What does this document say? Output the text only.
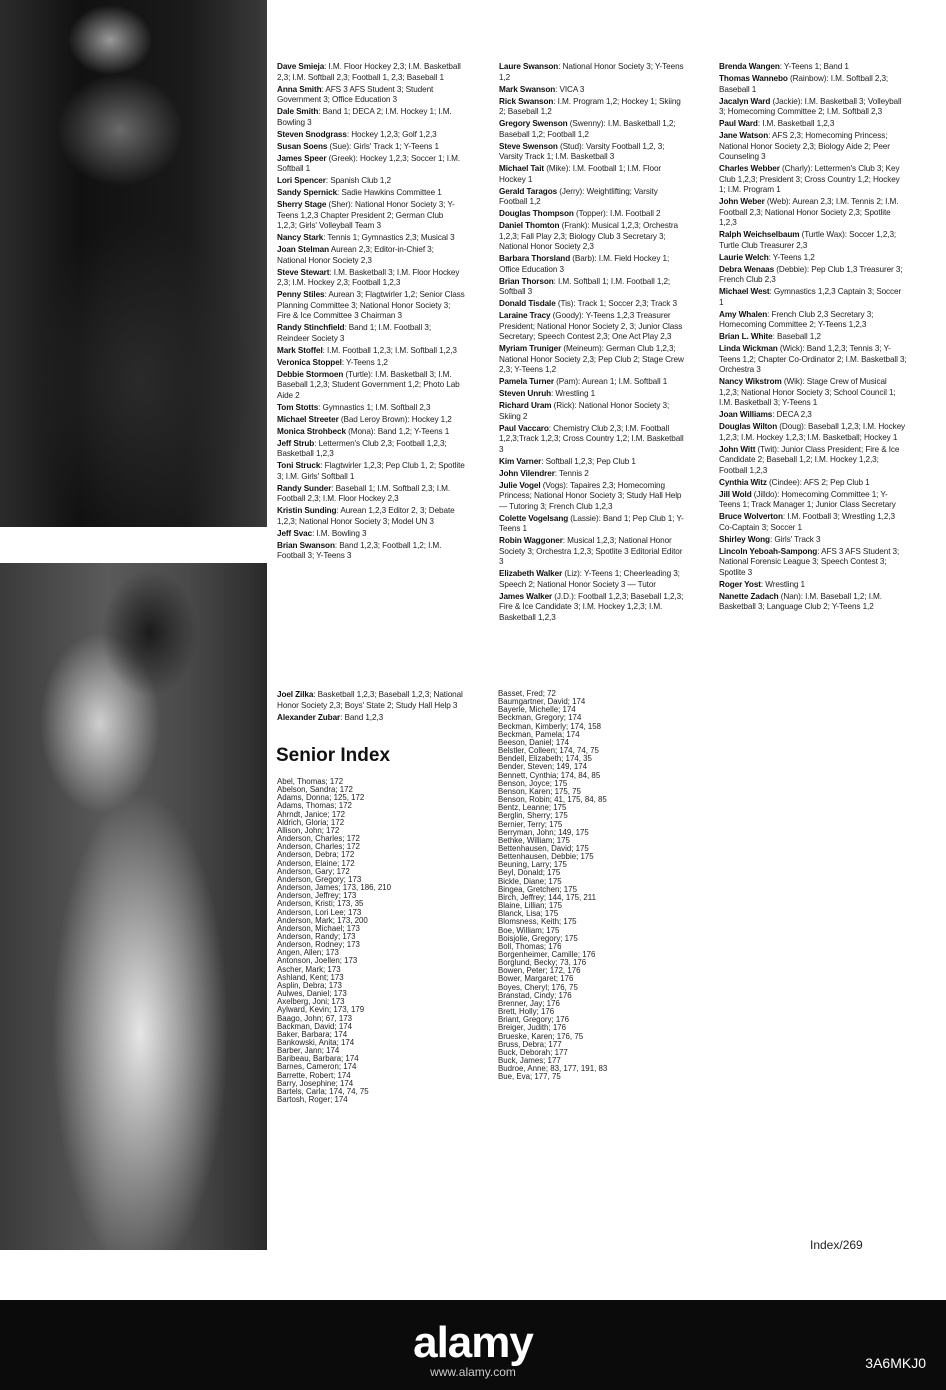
Dave Smieja: I.M. Floor Hockey 2,3; I.M. Basketball 2,3; I.M. Softball 2,3; Football 1, 2,3; Baseball 1

Anna Smith: AFS 3 AFS Student 3; Student Government 3; Office Education 3

Dale Smith: Band 1; DECA 2; I.M. Hockey 1; I.M. Bowling 3

Steven Snodgrass: Hockey 1,2,3; Golf 1,2,3

Susan Soens (Sue): Girls' Track 1; Y-Teens 1

James Speer (Greek): Hockey 1,2,3; Soccer 1; I.M. Softball 1

Lori Spencer: Spanish Club 1,2

Sandy Spernick: Sadie Hawkins Committee 1

Sherry Stage (Sher): National Honor Society 3; Y-Teens 1,2,3 Chapter President 2; German Club 1,2,3; Girls' Volleyball Team 3

Nancy Stark: Tennis 1; Gymnastics 2,3; Musical 3

Joan Stelman Aurean 2,3; Editor-in-Chief 3; National Honor Society 2,3

Steve Stewart: I.M. Basketball 3; I.M. Floor Hockey 2,3; I.M. Hockey 2,3; Football 1,2,3

Penny Stiles: Aurean 3; Flagtwirler 1,2; Senior Class Planning Committee 3; National Honor Society 3; Fire & Ice Committee 3 Chairman 3

Randy Stinchfield: Band 1; I.M. Football 3; Reindeer Society 3

Mark Stoffel: I.M. Football 1,2,3; I.M. Softball 1,2,3

Veronica Stoppel: Y-Teens 1,2

Debbie Stormoen (Turtle): I.M. Basketball 3; I.M. Baseball 1,2,3; Student Government 1,2; Photo Lab Aide 2

Tom Stotts: Gymnastics 1; I.M. Softball 2,3

Michael Streeter (Bad Leroy Brown): Hockey 1,2

Monica Strohbeck (Mona): Band 1,2; Y-Teens 1

Jeff Strub: Lettermen's Club 2,3; Football 1,2,3; Basketball 1,2,3

Toni Struck: Flagtwirler 1,2,3; Pep Club 1, 2; Spotlite 3; I.M. Girls' Softball 1

Randy Sunder: Baseball 1; I.M. Softball 2,3; I.M. Football 2,3; I.M. Floor Hockey 2,3

Kristin Sunding: Aurean 1,2,3 Editor 2, 3; Debate 1,2,3; National Honor Society 3; Model UN 3

Jeff Svac: I.M. Bowling 3

Brian Swanson: Band 1,2,3; Football 1,2; I.M. Football 3; Y-Teens 3

Laure Swanson: National Honor Society 3; Y-Teens 1,2

Mark Swanson: VICA 3

Rick Swanson: I.M. Program 1,2; Hockey 1; Skiing 2; Baseball 1,2

Gregory Swenson (Swenny): I.M. Basketball 1,2; Baseball 1,2; Football 1,2

Steve Swenson (Stud): Varsity Football 1,2, 3; Varsity Track 1; I.M. Basketball 3

Michael Tait (Mike): I.M. Football 1; I.M. Floor Hockey 1

Gerald Taragos (Jerry): Weightlifting; Varsity Football 1,2

Douglas Thompson (Topper): I.M. Football 2

Daniel Thomton (Frank): Musical 1,2,3; Orchestra 1,2,3; Fall Play 2,3; Biology Club 3 Secretary 3; National Honor Society 2,3

Barbara Thorsland (Barb): I.M. Field Hockey 1; Office Education 3

Brian Thorson: I.M. Softball 1; I.M. Football 1,2; Softball 3

Donald Tisdale (Tis): Track 1; Soccer 2,3; Track 3

Laraine Tracy (Goody): Y-Teens 1,2,3 Treasurer President; National Honor Society 2, 3; Junior Class Secretary; Speech Contest 2,3; One Act Play 2,3

Myriam Truniger (Meineum): German Club 1,2,3; National Honor Society 2,3; Pep Club 2; Stage Crew 2,3; Y-Teens 1,2

Pamela Turner (Pam): Aurean 1; I.M. Softball 1

Steven Unruh: Wrestling 1

Richard Uram (Rick): National Honor Society 3; Skiing 2

Paul Vaccaro: Chemistry Club 2,3; I.M. Football 1,2,3;Track 1,2,3; Cross Country 1,2; I.M. Basketball 3

Kim Varner: Softball 1,2,3; Pep Club 1

John Vilendrer: Tennis 2

Julie Vogel (Vogs): Tapaires 2,3; Homecoming Princess; National Honor Society 3; Study Hall Help — Tutoring 3; French Club 1,2,3

Colette Vogelsang (Lassie): Band 1; Pep Club 1; Y-Teens 1

Robin Waggoner: Musical 1,2,3; National Honor Society 3; Orchestra 1,2,3; Spotlite 3 Editorial Editor 3

Elizabeth Walker (Liz): Y-Teens 1; Cheerleading 3; Speech 2; National Honor Society 3 — Tutor

James Walker (J.D.): Football 1,2,3; Baseball 1,2,3; Fire & Ice Candidate 3; I.M. Hockey 1,2,3; I.M. Basketball 1,2,3

Brenda Wangen: Y-Teens 1; Band 1

Thomas Wannebo (Rainbow): I.M. Softball 2,3; Baseball 1

Jacalyn Ward (Jackie): I.M. Basketball 3; Volleyball 3; Homecoming Committee 2; I.M. Softball 2,3

Paul Ward: I.M. Basketball 1,2,3

Jane Watson: AFS 2,3; Homecoming Princess; National Honor Society 2,3; Biology Aide 2; Peer Counseling 3

Charles Webber (Charly): Lettermen's Club 3; Key Club 1,2,3; President 3; Cross Country 1,2; Hockey 1; I.M. Program 1

John Weber (Web): Aurean 2,3; I.M. Tennis 2; I.M. Football 2,3; National Honor Society 2,3; Spotlite 1,2,3

Ralph Weichselbaum (Turtle Wax): Soccer 1,2,3; Turtle Club Treasurer 2,3

Laurie Welch: Y-Teens 1,2

Debra Wenaas (Debbie): Pep Club 1,3 Treasurer 3; French Club 2,3

Michael West: Gymnastics 1,2,3 Captain 3; Soccer 1

Amy Whalen: French Club 2,3 Secretary 3; Homecoming Committee 2; Y-Teens 1,2,3

Brian L. White: Baseball 1,2

Linda Wickman (Wick): Band 1,2,3; Tennis 3; Y-Teens 1,2; Chapter Co-Ordinator 2; I.M. Basketball 3; Orchestra 3

Nancy Wikstrom (Wik): Stage Crew of Musical 1,2,3; National Honor Society 3; School Council 1; I.M. Basketball 3; Y-Teens 1

Joan Williams: DECA 2,3

Douglas Wilton (Doug): Baseball 1,2,3; I.M. Hockey 1,2,3; I.M. Hockey 1,2,3; I.M. Basketball; Hockey 1

John Witt (Twit): Junior Class President; Fire & Ice Candidate 2; Baseball 1,2; I.M. Hockey 1,2,3; Football 1,2,3

Cynthia Witz (Cindee): AFS 2; Pep Club 1

Jill Wold (Jilldo): Homecoming Committee 1; Y-Teens 1; Track Manager 1; Junior Class Secretary

Bruce Wolverton: I.M. Football 3; Wrestling 1,2,3 Co-Captain 3; Soccer 1

Shirley Wong: Girls' Track 3

Lincoln Yeboah-Sampong: AFS 3 AFS Student 3; National Forensic League 3; Speech Contest 3; Spotlite 3

Roger Yost: Wrestling 1

Nanette Zadach (Nan): I.M. Baseball 1,2; I.M. Basketball 3; Language Club 2; Y-Teens 1,2

Joel Zilka: Basketball 1,2,3; Baseball 1,2,3; National Honor Society 2,3; Boys' State 2; Study Hall Help 3

Alexander Zubar: Band 1,2,3

Senior Index
Abel, Thomas; 172
Abelson, Sandra; 172
Adams, Donna; 125, 172
Adams, Thomas; 172
Ahrndt, Janice; 172
Aldrich, Gloria; 172
Allison, John; 172
Anderson, Charles; 172
Anderson, Charles; 172
Anderson, Debra; 172
Anderson, Elaine; 172
Anderson, Gary; 172
Anderson, Gregory; 173
Anderson, James; 173, 186, 210
Anderson, Jeffrey; 173
Anderson, Kristi; 173, 35
Anderson, Lori Lee; 173
Anderson, Mark; 173, 200
Anderson, Michael; 173
Anderson, Randy; 173
Anderson, Rodney; 173
Angen, Allen; 173
Antonson, Joellen; 173
Ascher, Mark; 173
Ashland, Kent; 173
Asplin, Debra; 173
Aulwes, Daniel; 173
Axelberg, Joni; 173
Aylward, Kevin; 173, 179
Baago, John; 67, 173
Backman, David; 174
Baker, Barbara; 174
Bankowski, Anita; 174
Barber, Jann; 174
Baribeau, Barbara; 174
Barnes, Cameron; 174
Barrette, Robert; 174
Barry, Josephine; 174
Bartels, Carla; 174, 74, 75
Bartosh, Roger; 174
Basset, Fred; 72
Baumgartner, David; 174
Bayerle, Michelle; 174
Beckman, Gregory; 174
Beckman, Kimberly; 174, 158
Beckman, Pamela; 174
Beeson, Daniel; 174
Belstler, Colleen; 174, 74, 75
Bendell, Elizabeth; 174, 35
Bender, Steven; 149, 174
Bennett, Cynthia; 174, 84, 85
Benson, Joyce; 175
Benson, Karen; 175, 75
Benson, Robin; 41, 175, 84, 85
Bentz, Leanne; 175
Berglin, Sherry; 175
Bernier, Terry; 175
Berryman, John; 149, 175
Bethke, William; 175
Bettenhausen, David; 175
Bettenhausen, Debbie; 175
Beuning, Larry; 175
Beyl, Donald; 175
Bickle, Diane; 175
Bingea, Gretchen; 175
Birch, Jeffrey; 144, 175, 211
Blaine, Lillian; 175
Blanck, Lisa; 175
Blomsness, Keith; 175
Boe, William; 175
Boisjolie, Gregory; 175
Boll, Thomas; 176
Borgenheimer, Camille; 176
Borglund, Becky; 73, 176
Bowen, Peter; 172, 176
Bower, Margaret; 176
Boyes, Cheryl; 176, 75
Branstad, Cindy; 176
Brenner, Jay; 176
Brett, Holly; 176
Briant, Gregory; 176
Breiger, Judith; 176
Brueske, Karen; 176, 75
Bruss, Debra; 177
Buck, Deborah; 177
Buck, James; 177
Budroe, Anne; 83, 177, 191, 83
Bue, Eva; 177, 75
Index/269
alamy	3A6MKJ0
www.alamy.com
